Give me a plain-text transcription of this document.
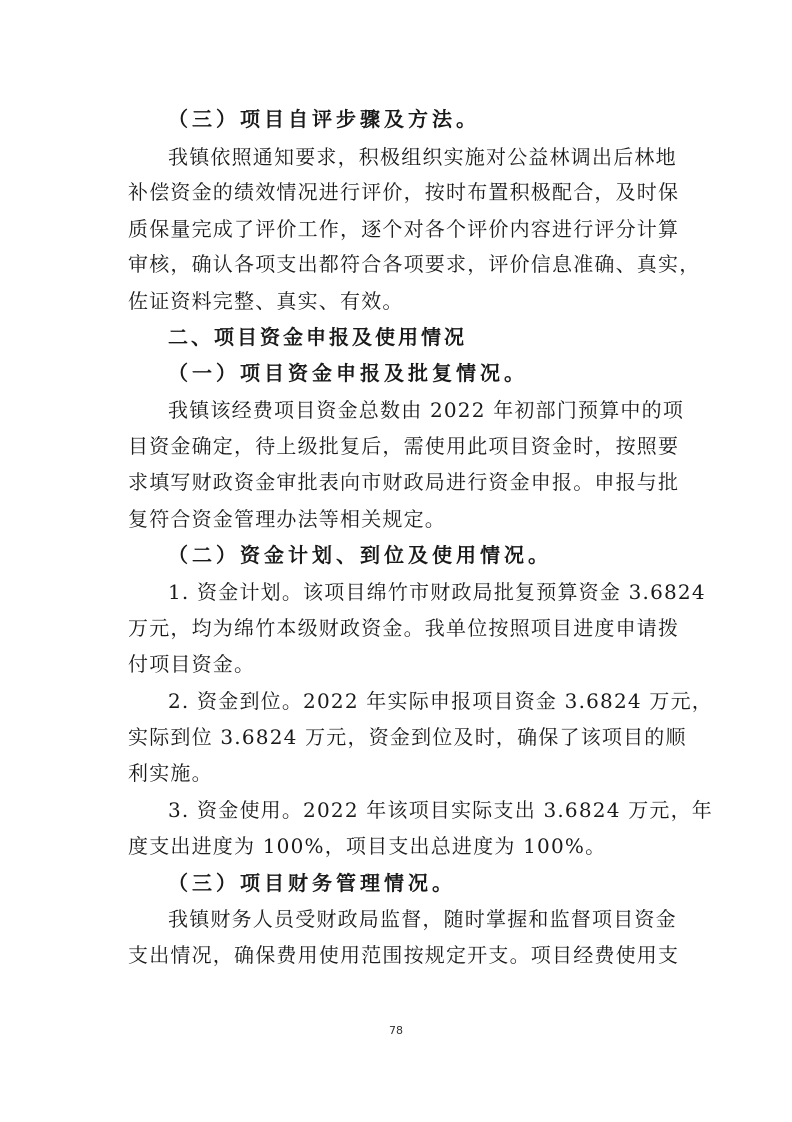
（三）项目自评步骤及方法。
我镇依照通知要求，积极组织实施对公益林调出后林地
补偿资金的绩效情况进行评价，按时布置积极配合，及时保
质保量完成了评价工作，逐个对各个评价内容进行评分计算
审核，确认各项支出都符合各项要求，评价信息准确、真实，
佐证资料完整、真实、有效。
二、项目资金申报及使用情况
（一）项目资金申报及批复情况。
我镇该经费项目资金总数由 2022 年初部门预算中的项
目资金确定，待上级批复后，需使用此项目资金时，按照要
求填写财政资金审批表向市财政局进行资金申报。申报与批
复符合资金管理办法等相关规定。
（二）资金计划、到位及使用情况。
1. 资金计划。该项目绵竹市财政局批复预算资金 3.6824
万元，均为绵竹本级财政资金。我单位按照项目进度申请拨
付项目资金。
2. 资金到位。2022 年实际申报项目资金 3.6824 万元，
实际到位 3.6824 万元，资金到位及时，确保了该项目的顺
利实施。
3. 资金使用。2022 年该项目实际支出 3.6824 万元，年
度支出进度为 100%，项目支出总进度为 100%。
（三）项目财务管理情况。
我镇财务人员受财政局监督，随时掌握和监督项目资金
支出情况，确保费用使用范围按规定开支。项目经费使用支
78
